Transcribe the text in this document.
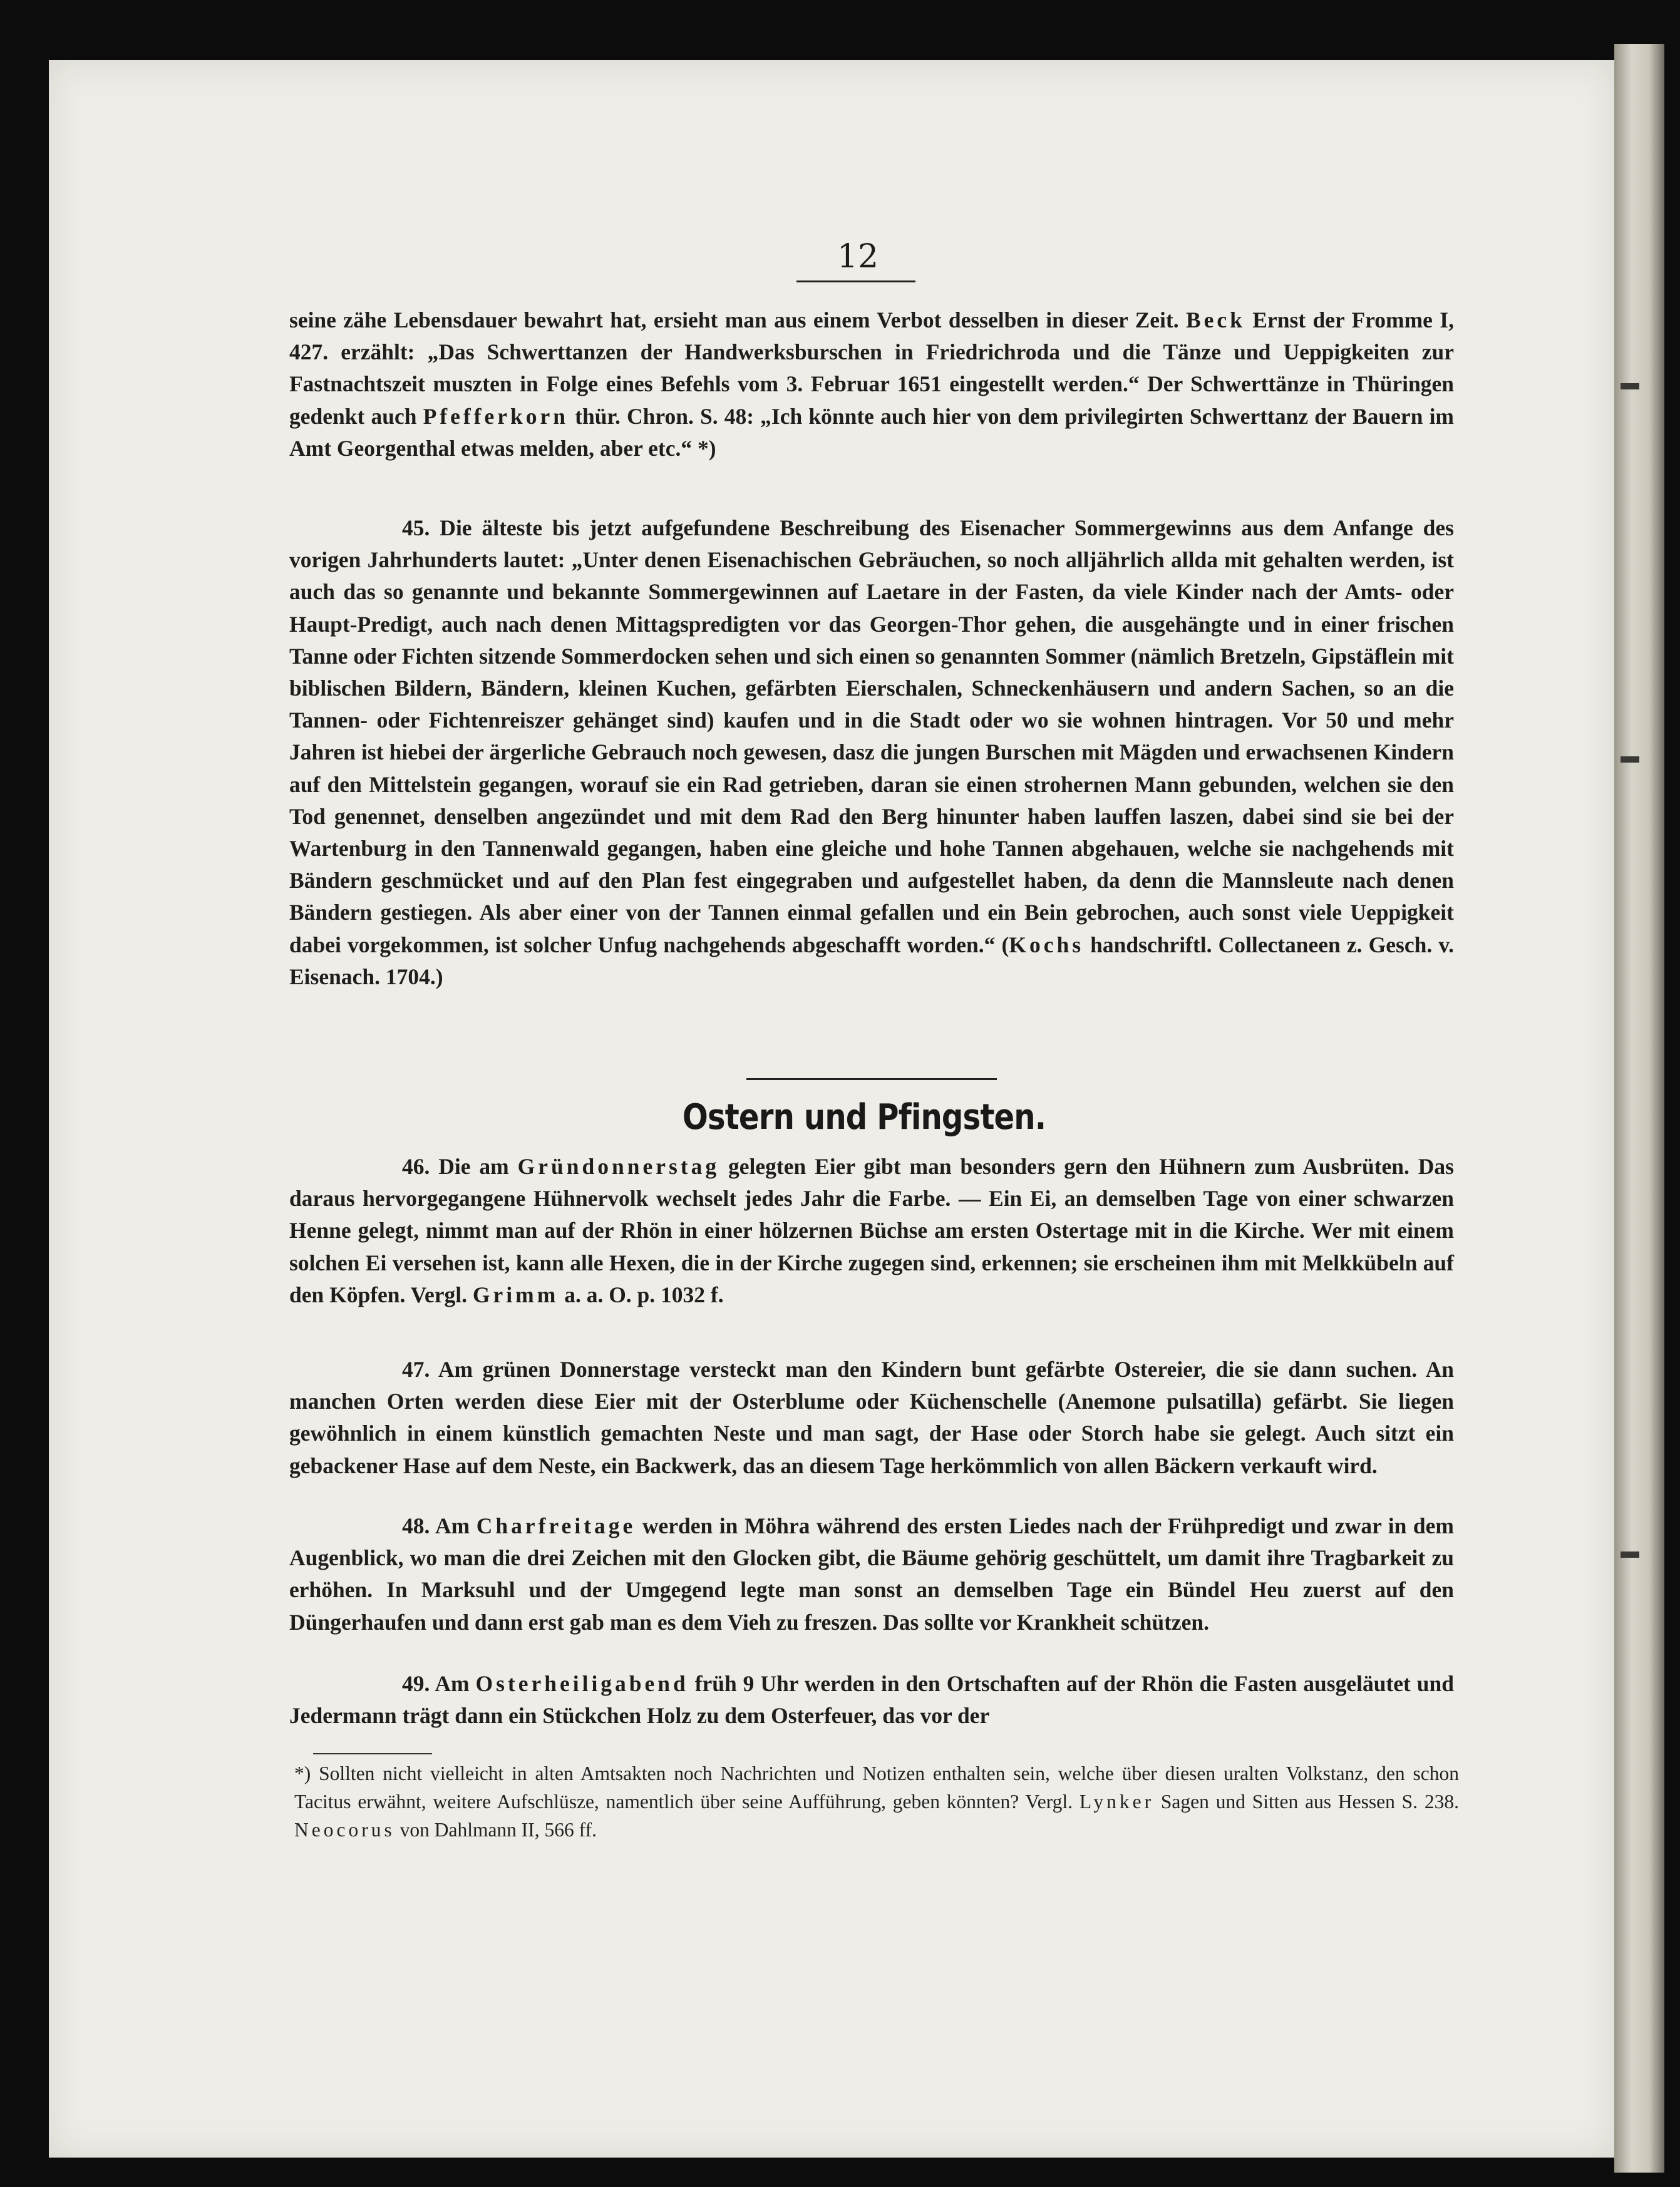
12

seine zähe Lebensdauer bewahrt hat, ersieht man aus einem Verbot desselben in dieser Zeit. Beck Ernst der Fromme I, 427. erzählt: „Das Schwerttanzen der Handwerksburschen in Friedrichroda und die Tänze und Ueppigkeiten zur Fastnachtszeit muszten in Folge eines Befehls vom 3. Februar 1651 eingestellt werden.“ Der Schwerttänze in Thüringen gedenkt auch Pfefferkorn thür. Chron. S. 48: „Ich könnte auch hier von dem privilegirten Schwerttanz der Bauern im Amt Georgenthal etwas melden, aber etc.“ *)

45. Die älteste bis jetzt aufgefundene Beschreibung des Eisenacher Sommergewinns aus dem Anfange des vorigen Jahrhunderts lautet: „Unter denen Eisenachischen Gebräuchen, so noch alljährlich allda mit gehalten werden, ist auch das so genannte und bekannte Sommergewinnen auf Laetare in der Fasten, da viele Kinder nach der Amts- oder Haupt-Predigt, auch nach denen Mittagspredigten vor das Georgen-Thor gehen, die ausgehängte und in einer frischen Tanne oder Fichten sitzende Sommerdocken sehen und sich einen so genannten Sommer (nämlich Bretzeln, Gipstäflein mit biblischen Bildern, Bändern, kleinen Kuchen, gefärbten Eierschalen, Schneckenhäusern und andern Sachen, so an die Tannen- oder Fichtenreiszer gehänget sind) kaufen und in die Stadt oder wo sie wohnen hintragen. Vor 50 und mehr Jahren ist hiebei der ärgerliche Gebrauch noch gewesen, dasz die jungen Burschen mit Mägden und erwachsenen Kindern auf den Mittelstein gegangen, worauf sie ein Rad getrieben, daran sie einen strohernen Mann gebunden, welchen sie den Tod genennet, denselben angezündet und mit dem Rad den Berg hinunter haben lauffen laszen, dabei sind sie bei der Wartenburg in den Tannenwald gegangen, haben eine gleiche und hohe Tannen abgehauen, welche sie nachgehends mit Bändern geschmücket und auf den Plan fest eingegraben und aufgestellet haben, da denn die Mannsleute nach denen Bändern gestiegen. Als aber einer von der Tannen einmal gefallen und ein Bein gebrochen, auch sonst viele Ueppigkeit dabei vorgekommen, ist solcher Unfug nachgehends abgeschafft worden.“ (Kochs handschriftl. Collectaneen z. Gesch. v. Eisenach. 1704.)

Ostern und Pfingsten.

46. Die am Gründonnerstag gelegten Eier gibt man besonders gern den Hühnern zum Ausbrüten. Das daraus hervorgegangene Hühnervolk wechselt jedes Jahr die Farbe. — Ein Ei, an demselben Tage von einer schwarzen Henne gelegt, nimmt man auf der Rhön in einer hölzernen Büchse am ersten Ostertage mit in die Kirche. Wer mit einem solchen Ei versehen ist, kann alle Hexen, die in der Kirche zugegen sind, erkennen; sie erscheinen ihm mit Melkkübeln auf den Köpfen. Vergl. Grimm a. a. O. p. 1032 f.

47. Am grünen Donnerstage versteckt man den Kindern bunt gefärbte Ostereier, die sie dann suchen. An manchen Orten werden diese Eier mit der Osterblume oder Küchenschelle (Anemone pulsatilla) gefärbt. Sie liegen gewöhnlich in einem künstlich gemachten Neste und man sagt, der Hase oder Storch habe sie gelegt. Auch sitzt ein gebackener Hase auf dem Neste, ein Backwerk, das an diesem Tage herkömmlich von allen Bäckern verkauft wird.

48. Am Charfreitage werden in Möhra während des ersten Liedes nach der Frühpredigt und zwar in dem Augenblick, wo man die drei Zeichen mit den Glocken gibt, die Bäume gehörig geschüttelt, um damit ihre Tragbarkeit zu erhöhen. In Marksuhl und der Umgegend legte man sonst an demselben Tage ein Bündel Heu zuerst auf den Düngerhaufen und dann erst gab man es dem Vieh zu freszen. Das sollte vor Krankheit schützen.

49. Am Osterheiligabend früh 9 Uhr werden in den Ortschaften auf der Rhön die Fasten ausgeläutet und Jedermann trägt dann ein Stückchen Holz zu dem Osterfeuer, das vor der

*) Sollten nicht vielleicht in alten Amtsakten noch Nachrichten und Notizen enthalten sein, welche über diesen uralten Volkstanz, den schon Tacitus erwähnt, weitere Aufschlüsze, namentlich über seine Aufführung, geben könnten? Vergl. Lynker Sagen und Sitten aus Hessen S. 238. Neocorus von Dahlmann II, 566 ff.
